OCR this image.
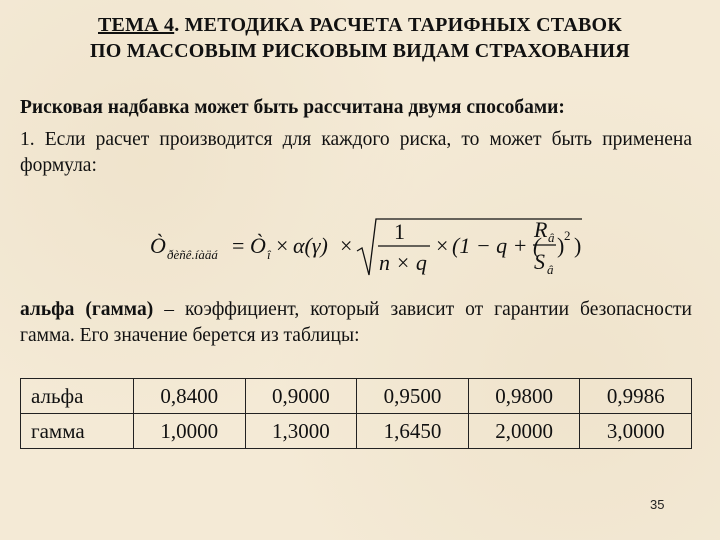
ТЕМА 4. МЕТОДИКА РАСЧЕТА ТАРИФНЫХ СТАВОК
ПО МАССОВЫМ РИСКОВЫМ ВИДАМ СТРАХОВАНИЯ
Рисковая надбавка может быть рассчитана двумя способами:
1. Если расчет производится для каждого риска, то может быть применена формула:
Ò ðèñê.íàäá = Ò î × α(γ) ×
1
n × q
× (1 − q + (
R â
S â
) 2 )
альфа (гамма) – коэффициент, который зависит от гарантии безопасности гамма. Его значение берется из таблицы:
альфа	0,8400	0,9000	0,9500	0,9800	0,9986
гамма	1,0000	1,3000	1,6450	2,0000	3,0000
35
